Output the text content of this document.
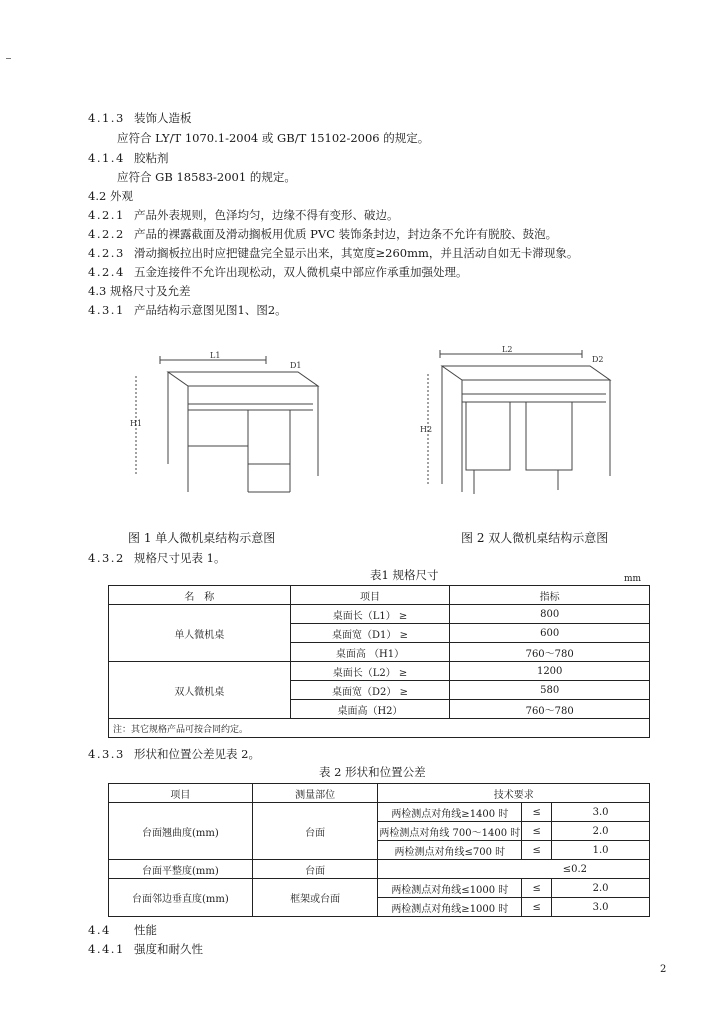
4.1.3 装饰人造板
应符合 LY/T 1070.1-2004 或 GB/T 15102-2006 的规定。
4.1.4 胶粘剂
应符合 GB 18583-2001 的规定。
4.2 外观
4.2.1 产品外表规则，色泽均匀，边缘不得有变形、破边。
4.2.2 产品的裸露截面及滑动搁板用优质 PVC 装饰条封边，封边条不允许有脱胶、鼓泡。
4.2.3 滑动搁板拉出时应把键盘完全显示出来，其宽度≥260mm，并且活动自如无卡滞现象。
4.2.4 五金连接件不允许出现松动，双人微机桌中部应作承重加强处理。
4.3 规格尺寸及允差
4.3.1 产品结构示意图见图1、图2。
L1
D1
H1
L2
D2
H2
图 1 单人微机桌结构示意图	图 2 双人微机桌结构示意图
4.3.2 规格尺寸见表 1。
表1 规格尺寸	mm
名　称	项目	指标
单人微机桌	桌面长（L1） ≥	800
	桌面宽（D1） ≥	600
	桌面高 （H1）	760～780
双人微机桌	桌面长（L2） ≥	1200
	桌面宽（D2） ≥	580
	桌面高（H2）	760～780
注：其它规格产品可按合同约定。		
4.3.3 形状和位置公差见表 2。
表 2 形状和位置公差
项目	测量部位	技术要求		
台面翘曲度(mm)	台面	两检测点对角线≥1400 时	≤	3.0
		两检测点对角线 700～1400 时	≤	2.0
		两检测点对角线≤700 时	≤	1.0
台面平整度(mm)	台面	≤0.2		
台面邻边垂直度(mm)	框架或台面	两检测点对角线≤1000 时	≤	2.0
		两检测点对角线≥1000 时	≤	3.0
4.4 性能
4.4.1 强度和耐久性
2
